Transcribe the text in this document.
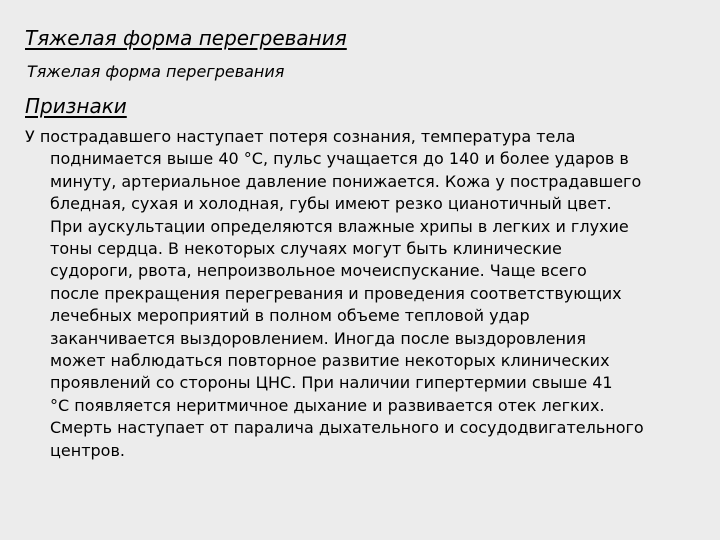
Тяжелая форма перегревания
Тяжелая форма перегревания
Признаки
У пострадавшего наступает потеря сознания, температура тела
поднимается выше 40 °С, пульс учащается до 140 и более ударов в
минуту, артериальное давление понижается. Кожа у пострадавшего
бледная, сухая и холодная, губы имеют резко цианотичный цвет.
При аускультации определяются влажные хрипы в легких и глухие
тоны сердца. В некоторых случаях могут быть клинические
судороги, рвота, непроизвольное мочеиспускание. Чаще всего
после прекращения перегревания и проведения соответствующих
лечебных мероприятий в полном объеме тепловой удар
заканчивается выздоровлением. Иногда после выздоровления
может наблюдаться повторное развитие некоторых клинических
проявлений со стороны ЦНС. При наличии гипертермии свыше 41
°С появляется неритмичное дыхание и развивается отек легких.
Смерть наступает от паралича дыхательного и сосудодвигательного
центров.
